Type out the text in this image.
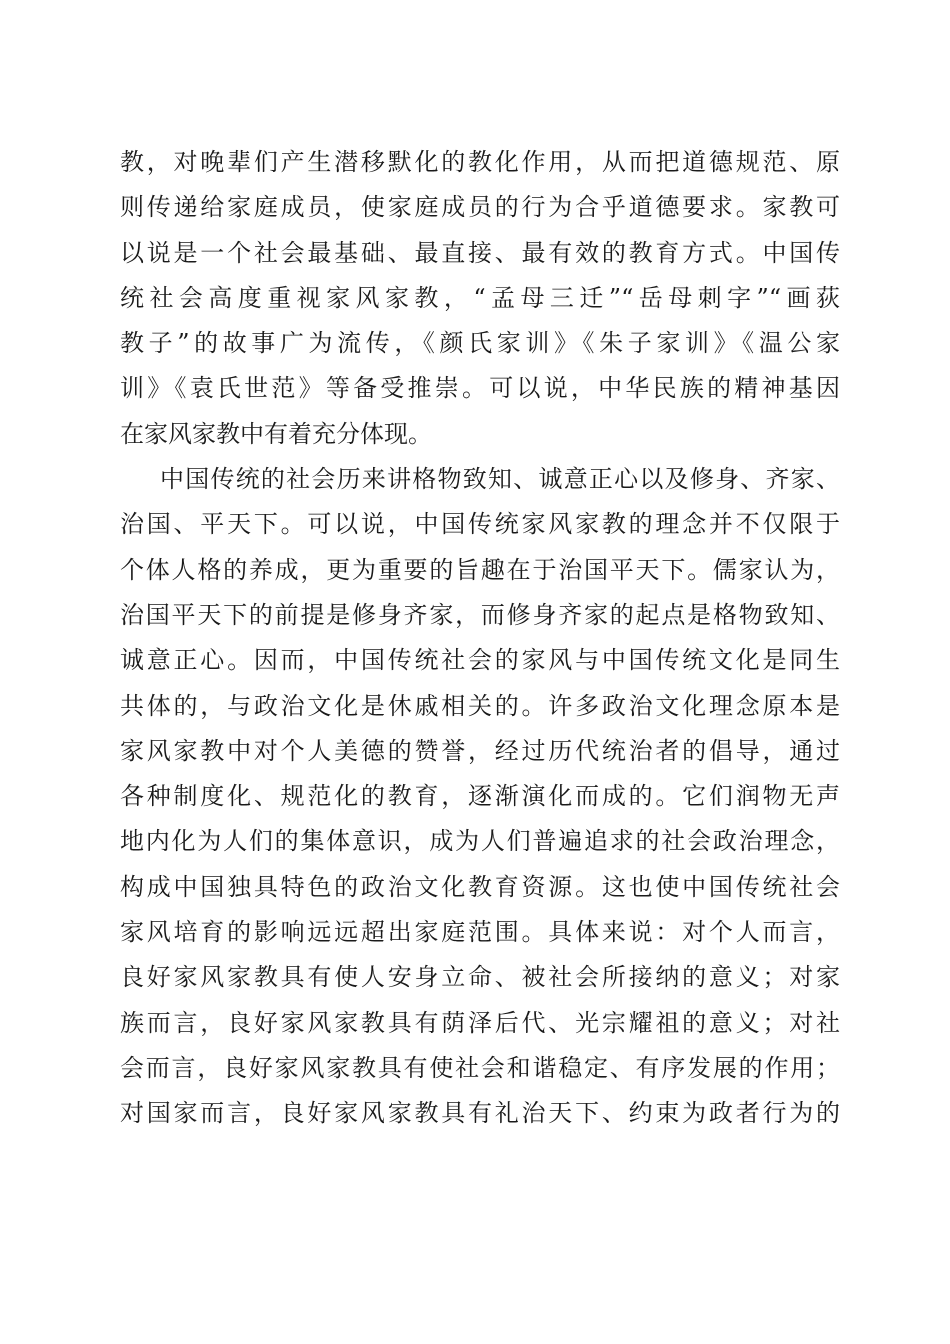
教，对晚辈们产生潜移默化的教化作用，从而把道德规范、原
则传递给家庭成员，使家庭成员的行为合乎道德要求。家教可
以说是一个社会最基础、最直接、最有效的教育方式。中国传
统社会高度重视家风家教，“孟母三迁”“岳母刺字”“画荻
教子”的故事广为流传，《颜氏家训》《朱子家训》《温公家
训》《袁氏世范》等备受推崇。可以说，中华民族的精神基因
在家风家教中有着充分体现。
中国传统的社会历来讲格物致知、诚意正心以及修身、齐家、
治国、平天下。可以说，中国传统家风家教的理念并不仅限于
个体人格的养成，更为重要的旨趣在于治国平天下。儒家认为，
治国平天下的前提是修身齐家，而修身齐家的起点是格物致知、
诚意正心。因而，中国传统社会的家风与中国传统文化是同生
共体的，与政治文化是休戚相关的。许多政治文化理念原本是
家风家教中对个人美德的赞誉，经过历代统治者的倡导，通过
各种制度化、规范化的教育，逐渐演化而成的。它们润物无声
地内化为人们的集体意识，成为人们普遍追求的社会政治理念，
构成中国独具特色的政治文化教育资源。这也使中国传统社会
家风培育的影响远远超出家庭范围。具体来说：对个人而言，
良好家风家教具有使人安身立命、被社会所接纳的意义；对家
族而言，良好家风家教具有荫泽后代、光宗耀祖的意义；对社
会而言，良好家风家教具有使社会和谐稳定、有序发展的作用；
对国家而言，良好家风家教具有礼治天下、约束为政者行为的
